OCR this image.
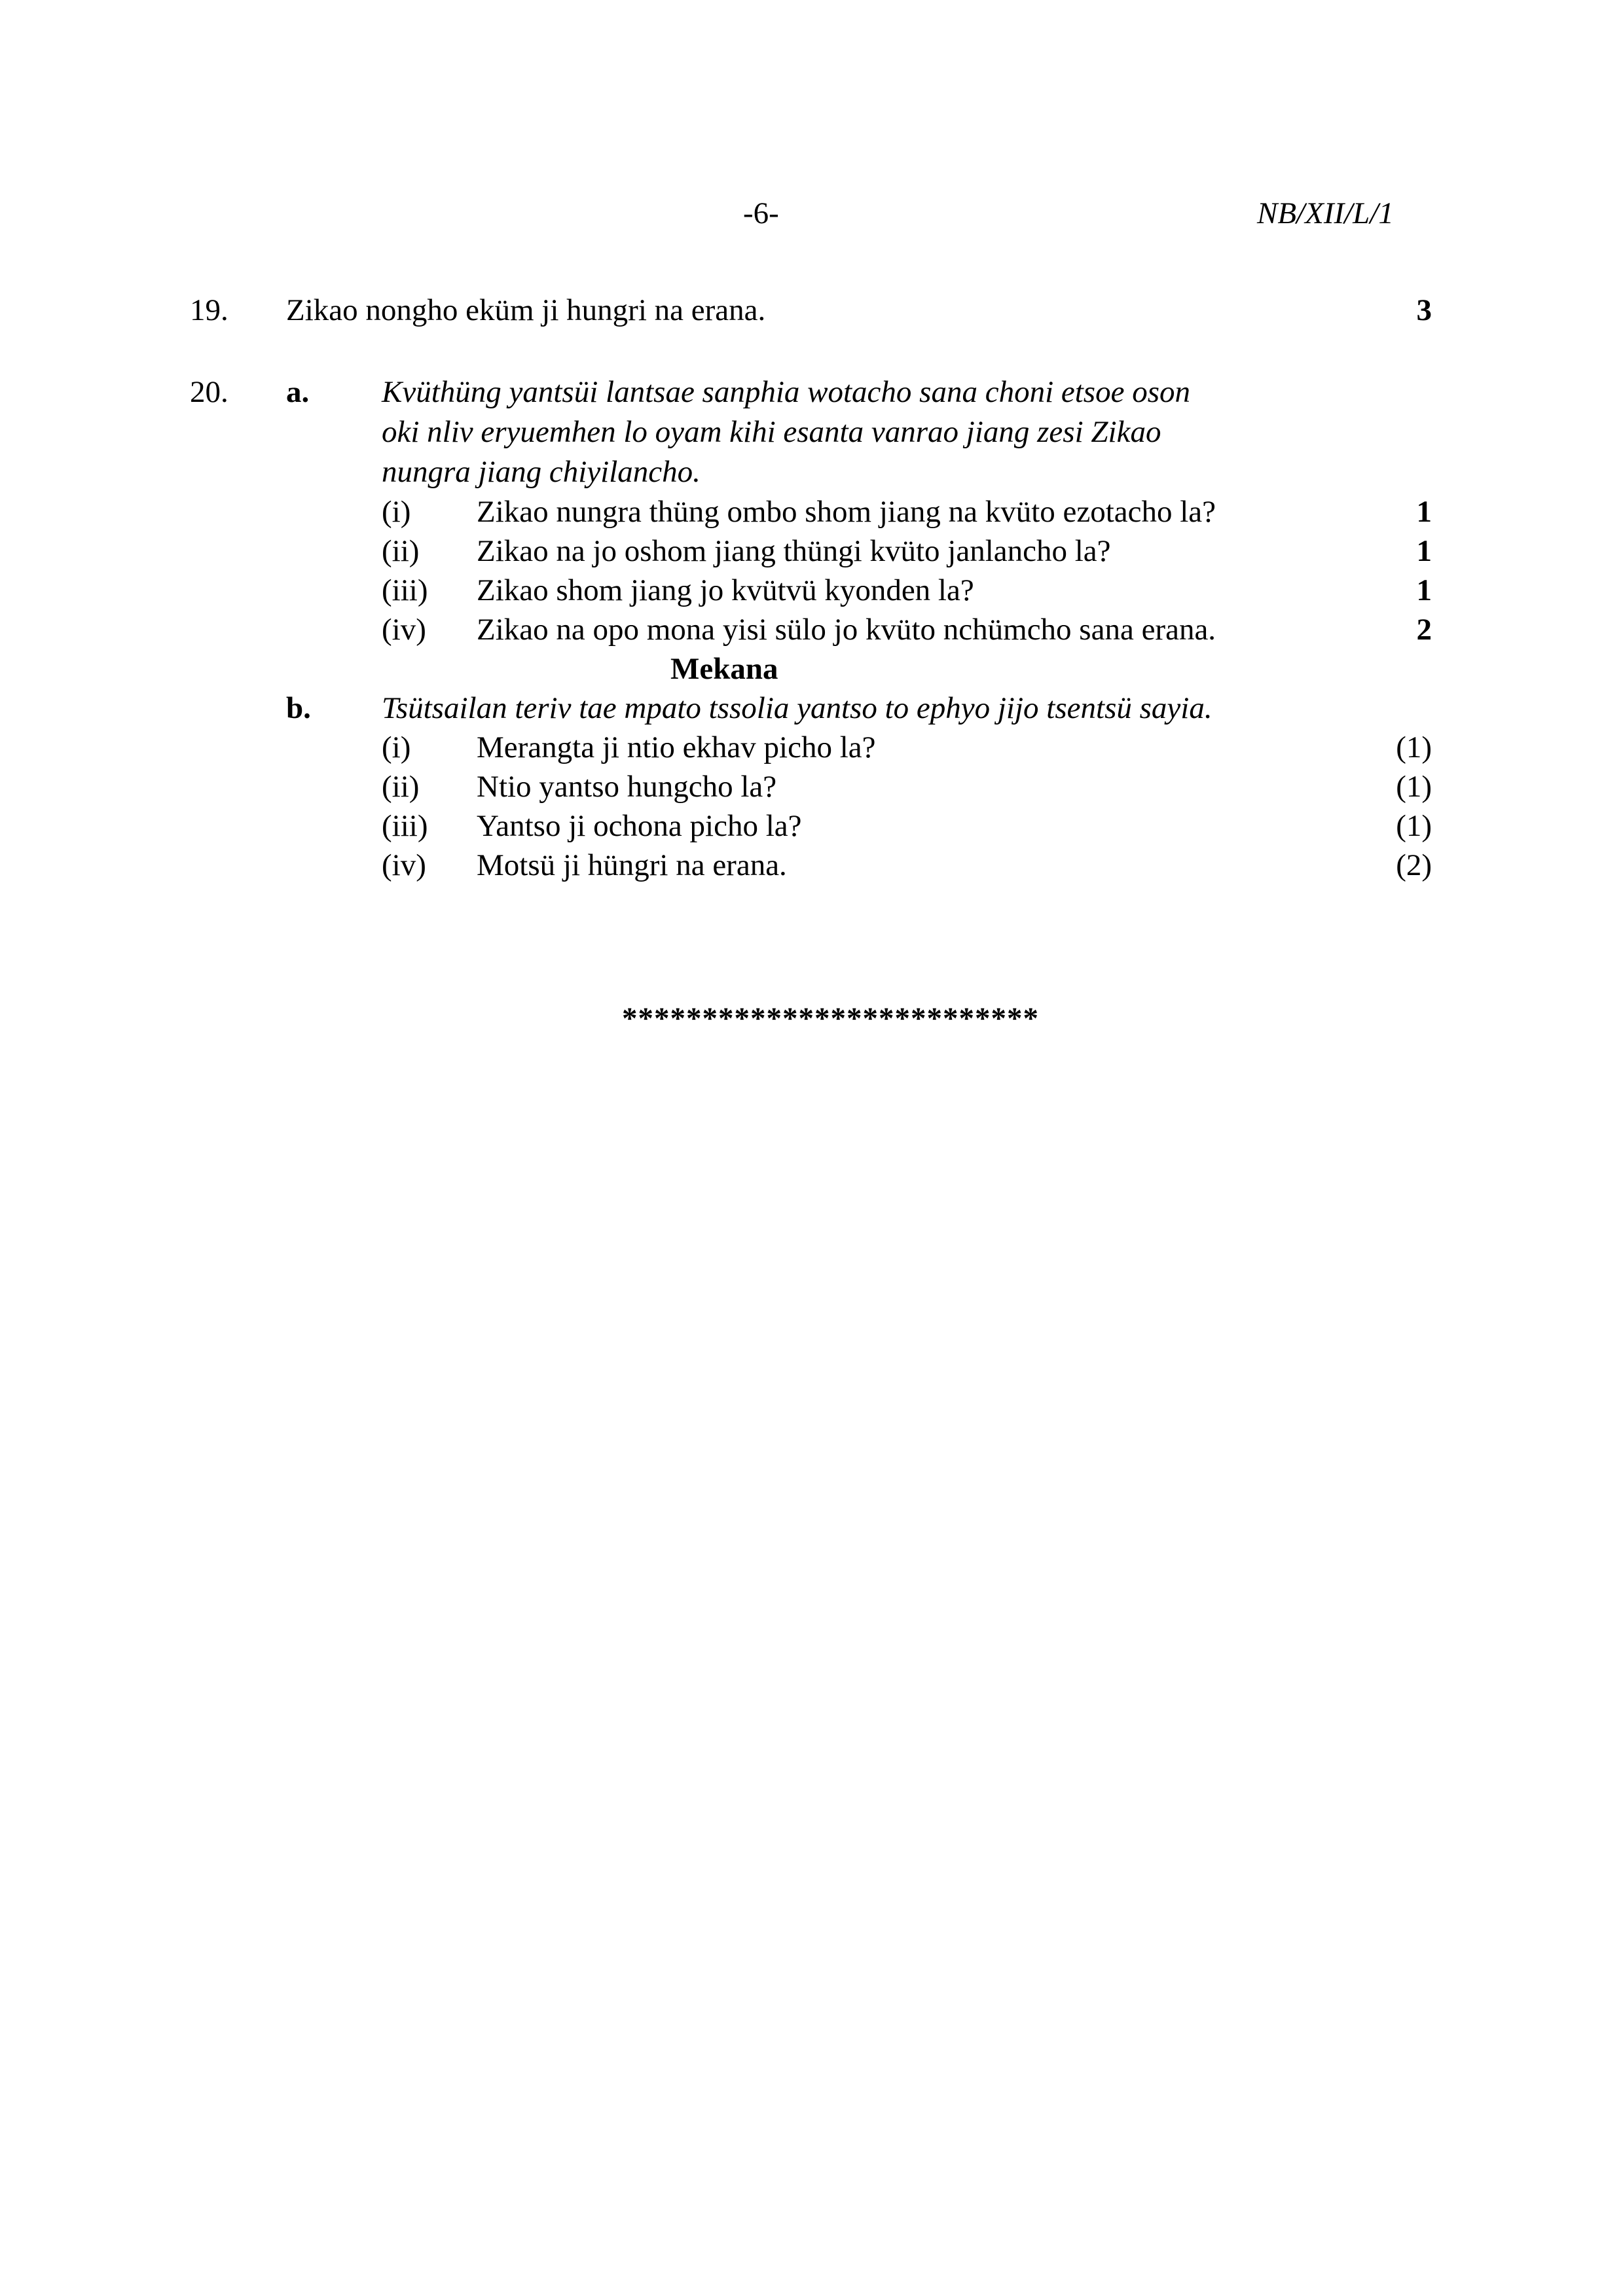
-6-	NB/XII/L/1
19. Zikao nongho eküm ji hungri na erana.	3
20. a. Kvüthüng yantsüi lantsae sanphia wotacho sana choni etsoe oson
oki nliv eryuemhen lo oyam kihi esanta vanrao jiang zesi Zikao
nungra jiang chiyilancho.
(i) Zikao nungra thüng ombo shom jiang na kvüto ezotacho la?	1
(ii) Zikao na jo oshom jiang thüngi kvüto janlancho la?	1
(iii) Zikao shom jiang jo kvütvü kyonden la?	1
(iv) Zikao na opo mona yisi sülo jo kvüto nchümcho sana erana.	2
Mekana
b. Tsütsailan teriv tae mpato tssolia yantso to ephyo jijo tsentsü sayia.
(i) Merangta ji ntio ekhav picho la?	(1)
(ii) Ntio yantso hungcho la?	(1)
(iii) Yantso ji ochona picho la?	(1)
(iv) Motsü ji hüngri na erana.	(2)
**************************
